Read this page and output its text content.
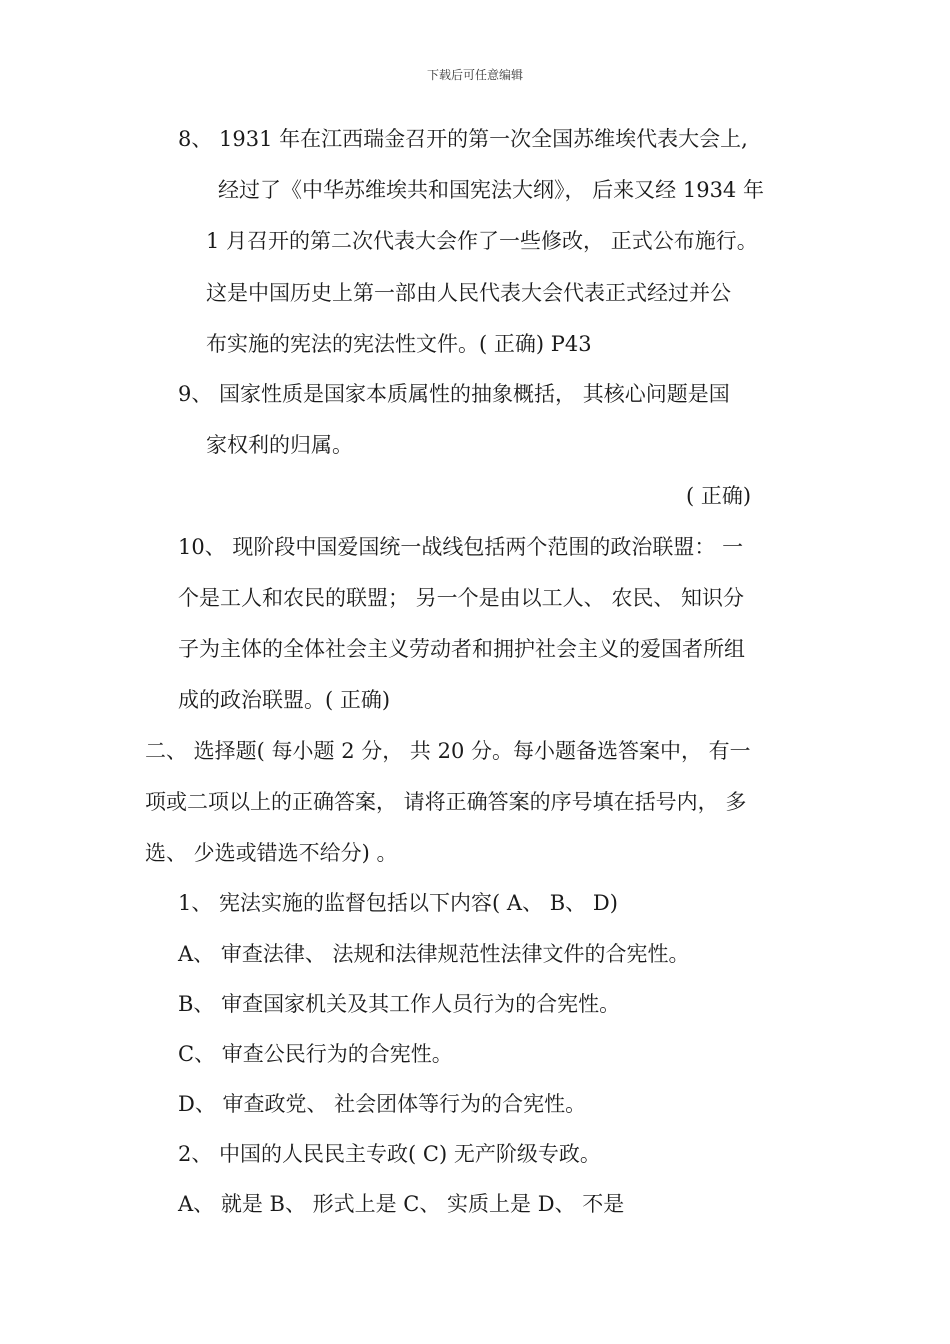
下载后可任意编辑
8、 1931 年在江西瑞金召开的第一次全国苏维埃代表大会上,
经过了《中华苏维埃共和国宪法大纲》， 后来又经 1934 年
1 月召开的第二次代表大会作了一些修改， 正式公布施行。
这是中国历史上第一部由人民代表大会代表正式经过并公
布实施的宪法的宪法性文件。( 正确) P43
9、 国家性质是国家本质属性的抽象概括， 其核心问题是国
家权利的归属。
( 正确)
10、 现阶段中国爱国统一战线包括两个范围的政治联盟： 一
个是工人和农民的联盟； 另一个是由以工人、 农民、 知识分
子为主体的全体社会主义劳动者和拥护社会主义的爱国者所组
成的政治联盟。( 正确)
二、 选择题( 每小题 2 分， 共 20 分。每小题备选答案中， 有一
项或二项以上的正确答案， 请将正确答案的序号填在括号内， 多
选、 少选或错选不给分) 。
1、 宪法实施的监督包括以下内容( A、 B、 D)
A、 审查法律、 法规和法律规范性法律文件的合宪性。
B、 审查国家机关及其工作人员行为的合宪性。
C、 审查公民行为的合宪性。
D、 审查政党、 社会团体等行为的合宪性。
2、 中国的人民民主专政( C) 无产阶级专政。
A、 就是 B、 形式上是 C、 实质上是 D、 不是
